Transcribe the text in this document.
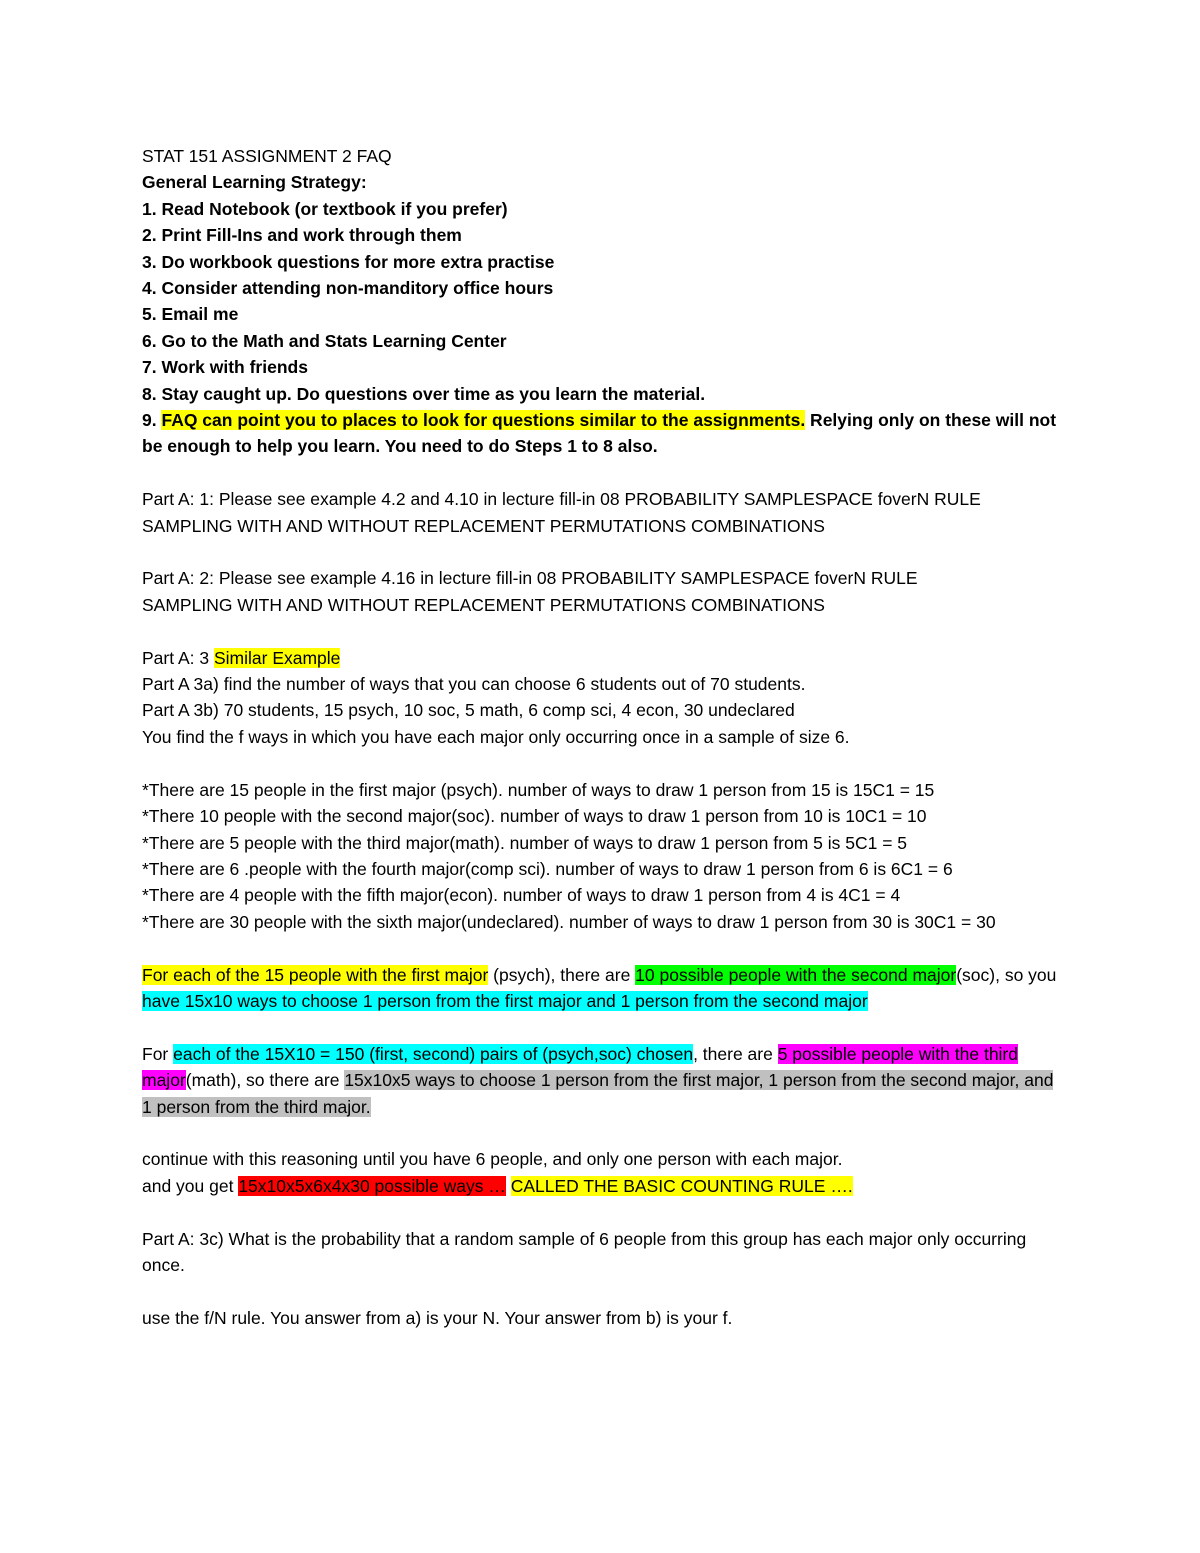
STAT 151 ASSIGNMENT 2 FAQ
General Learning Strategy:
1. Read Notebook (or textbook if you prefer)
2. Print Fill-Ins and work through them
3. Do workbook questions for more extra practise
4. Consider attending non-manditory office hours
5. Email me
6. Go to the Math and Stats Learning Center
7. Work with friends
8. Stay caught up. Do questions over time as you learn the material.
9. FAQ can point you to places to look for questions similar to the assignments. Relying only on these will not be enough to help you learn. You need to do Steps 1 to 8 also.
Part A: 1: Please see example 4.2 and 4.10 in lecture fill-in 08 PROBABILITY SAMPLESPACE foverN RULE
SAMPLING WITH AND WITHOUT REPLACEMENT PERMUTATIONS COMBINATIONS
Part A: 2: Please see example 4.16 in lecture fill-in 08 PROBABILITY SAMPLESPACE foverN RULE
SAMPLING WITH AND WITHOUT REPLACEMENT PERMUTATIONS COMBINATIONS
Part A: 3 Similar Example
Part A 3a) find the number of ways that you can choose 6 students out of 70 students.
Part A 3b) 70 students, 15 psych, 10 soc, 5 math, 6 comp sci, 4 econ, 30 undeclared
You find the f ways in which you have each major only occurring once in a sample of size 6.
*There are 15 people in the first major (psych). number of ways to draw 1 person from 15 is 15C1 = 15
*There 10 people with the second major(soc). number of ways to draw 1 person from 10 is 10C1 = 10
*There are 5 people with the third major(math). number of ways to draw 1 person from 5 is 5C1 = 5
*There are 6 .people with the fourth major(comp sci). number of ways to draw 1 person from 6 is 6C1 = 6
*There are 4 people with the fifth major(econ). number of ways to draw 1 person from 4 is 4C1 = 4
*There are 30 people with the sixth major(undeclared). number of ways to draw 1 person from 30 is 30C1 = 30
For each of the 15 people with the first major (psych), there are 10 possible people with the second major(soc), so you have 15x10 ways to choose 1 person from the first major and 1 person from the second major
For each of the 15X10 = 150 (first, second) pairs of (psych,soc) chosen, there are 5 possible people with the third major(math), so there are 15x10x5 ways to choose 1 person from the first major, 1 person from the second major, and 1 person from the third major.
continue with this reasoning until you have 6 people, and only one person with each major.
and you get 15x10x5x6x4x30 possible ways … CALLED THE BASIC COUNTING RULE ….
Part A: 3c) What is the probability that a random sample of 6 people from this group has each major only occurring once.
use the f/N rule. You answer from a) is your N. Your answer from b) is your f.
